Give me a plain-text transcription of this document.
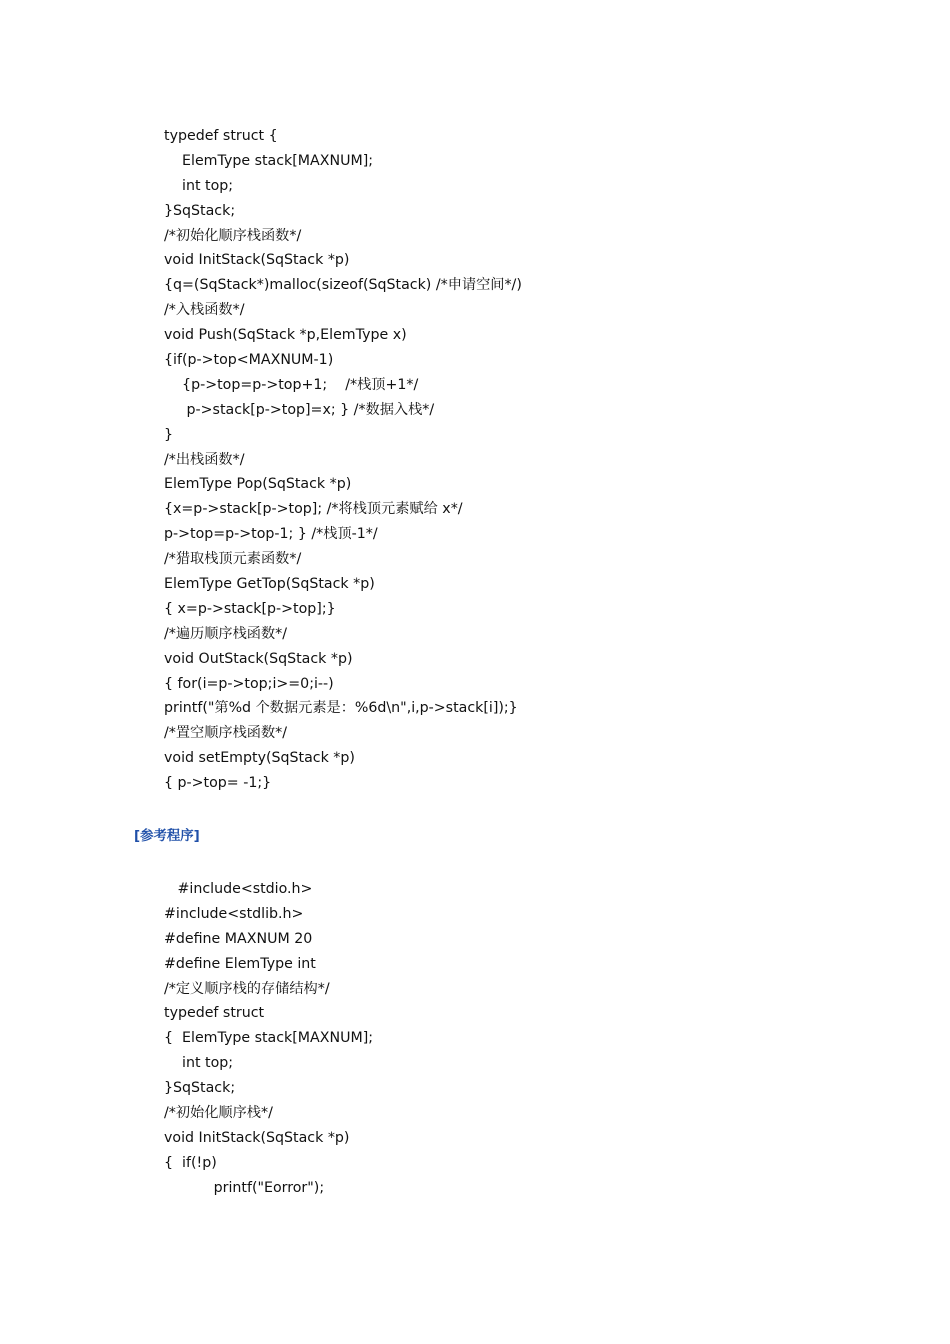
typedef struct {
ElemType stack[MAXNUM];
int top;
}SqStack;
/*初始化顺序栈函数*/
void InitStack(SqStack *p)
{q=(SqStack*)malloc(sizeof(SqStack) /*申请空间*/)
/*入栈函数*/
void Push(SqStack *p,ElemType x)
{if(p->top<MAXNUM-1)
{p->top=p->top+1;    /*栈顶+1*/
p->stack[p->top]=x; } /*数据入栈*/
}
/*出栈函数*/
ElemType Pop(SqStack *p)
{x=p->stack[p->top]; /*将栈顶元素赋给 x*/
p->top=p->top-1; } /*栈顶-1*/
/*猎取栈顶元素函数*/
ElemType GetTop(SqStack *p)
{ x=p->stack[p->top];}
/*遍历顺序栈函数*/
void OutStack(SqStack *p)
{ for(i=p->top;i>=0;i--)
printf("第%d 个数据元素是：%6d\n",i,p->stack[i]);}
/*置空顺序栈函数*/
void setEmpty(SqStack *p)
{ p->top= -1;}
[参考程序]
#include<stdio.h>
#include<stdlib.h>
#define MAXNUM 20
#define ElemType int
/*定义顺序栈的存储结构*/
typedef struct
{  ElemType stack[MAXNUM];
int top;
}SqStack;
/*初始化顺序栈*/
void InitStack(SqStack *p)
{  if(!p)
printf("Eorror");
